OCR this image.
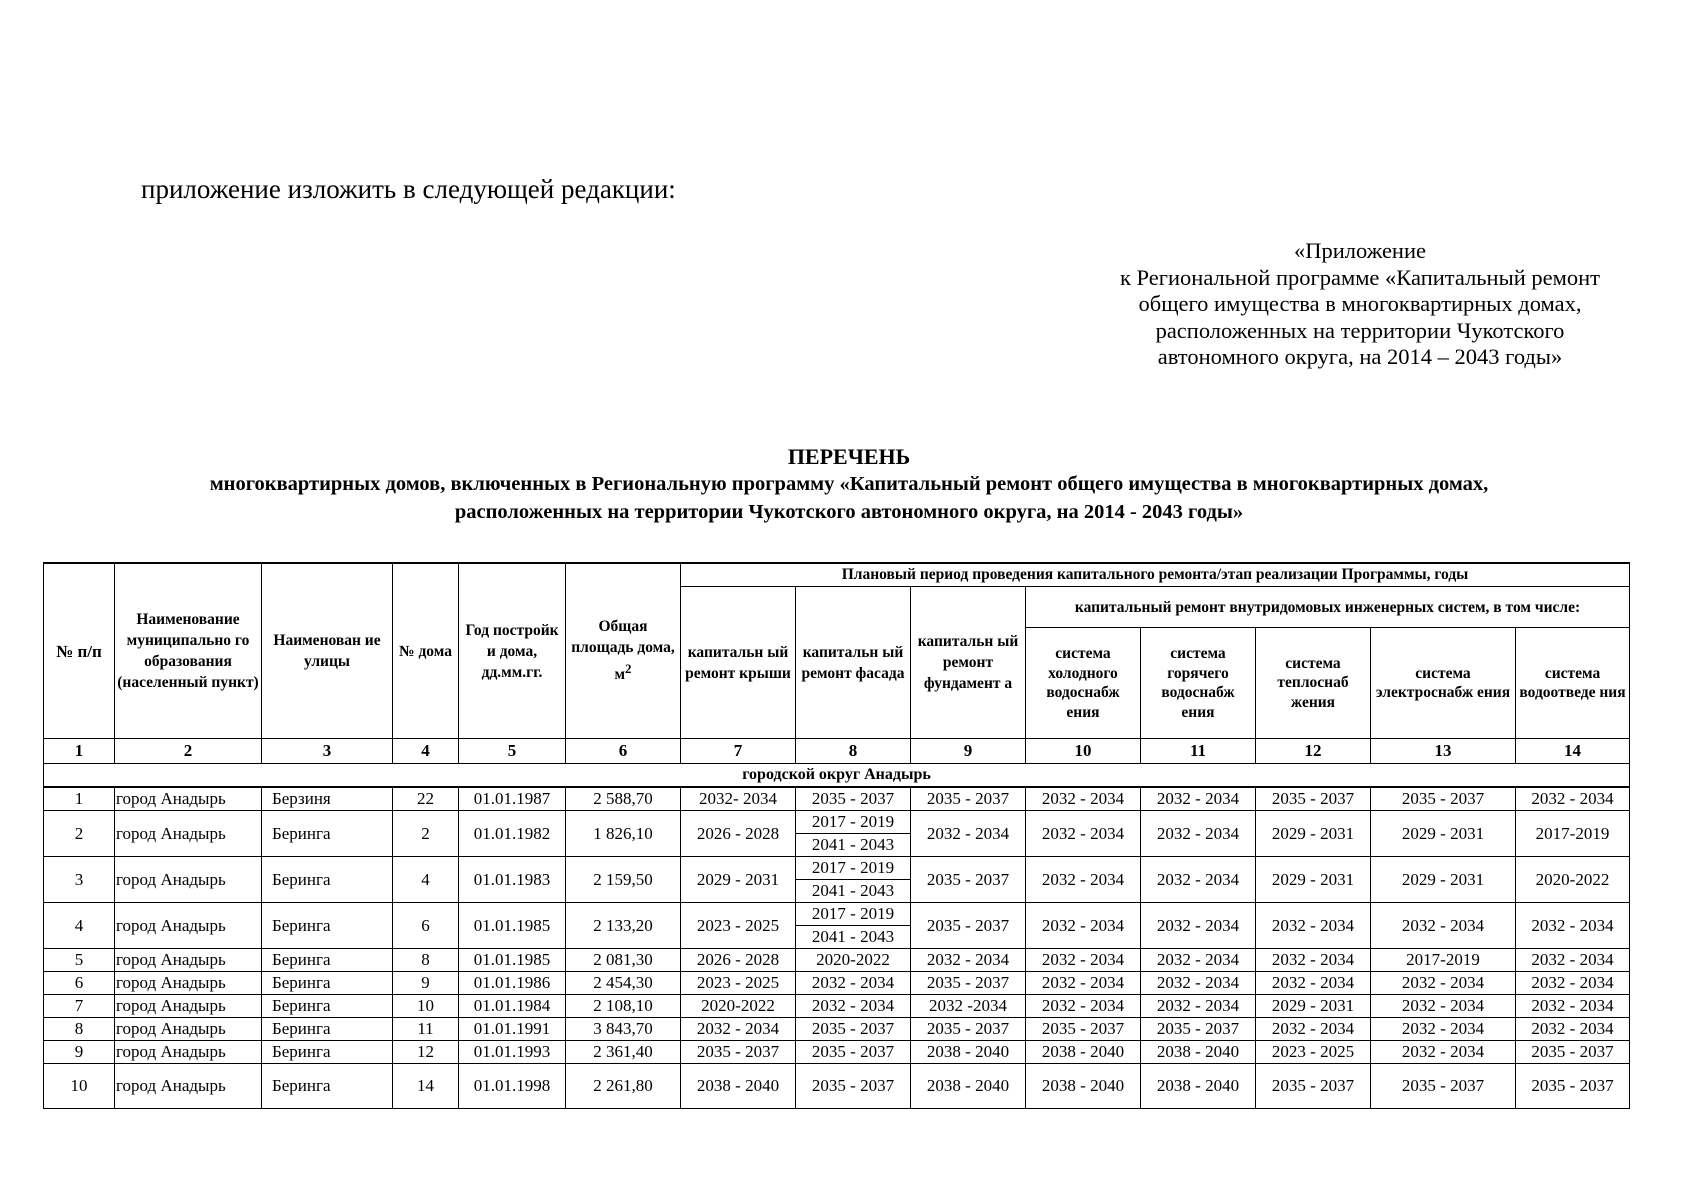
приложение изложить в следующей редакции:
«Приложение
к Региональной программе «Капитальный ремонт
общего имущества в многоквартирных домах,
расположенных на территории Чукотского
автономного округа, на 2014 – 2043 годы»
ПЕРЕЧЕНЬ
многоквартирных домов, включенных в Региональную программу «Капитальный ремонт общего имущества в многоквартирных домах,
расположенных на территории Чукотского автономного округа, на 2014 - 2043 годы»
№ п/п	Наименование муниципально го образования (населенный пункт)	Наименован ие улицы	№ дома	Год постройк и дома, дд.мм.гг.	Общая площадь дома, $м^2$	Плановый период проведения капитального ремонта/этап реализации Программы, годы							
						капитальн ый ремонт крыши	капитальн ый ремонт фасада	капитальн ый ремонт фундамент а	капитальный ремонт внутридомовых инженерных систем, в том числе:				
									система холодного водоснабж ения	система горячего водоснабж ения	система теплоснаб жения	система электроснабж ения	система водоотведе ния
1	2	3	4	5	6	7	8	9	10	11	12	13	14
городской округ Анадырь													
1	город Анадырь	Берзиня	22	01.01.1987	2 588,70	2032- 2034	2035 - 2037	2035 - 2037	2032 - 2034	2032 - 2034	2035 - 2037	2035 - 2037	2032 - 2034
2	город Анадырь	Беринга	2	01.01.1982	1 826,10	2026 - 2028	2017 - 2019	2032 - 2034	2032 - 2034	2032 - 2034	2029 - 2031	2029 - 2031	2017-2019
							2041 - 2043						
3	город Анадырь	Беринга	4	01.01.1983	2 159,50	2029 - 2031	2017 - 2019	2035 - 2037	2032 - 2034	2032 - 2034	2029 - 2031	2029 - 2031	2020-2022
							2041 - 2043						
4	город Анадырь	Беринга	6	01.01.1985	2 133,20	2023 - 2025	2017 - 2019	2035 - 2037	2032 - 2034	2032 - 2034	2032 - 2034	2032 - 2034	2032 - 2034
							2041 - 2043						
5	город Анадырь	Беринга	8	01.01.1985	2 081,30	2026 - 2028	2020-2022	2032 - 2034	2032 - 2034	2032 - 2034	2032 - 2034	2017-2019	2032 - 2034
6	город Анадырь	Беринга	9	01.01.1986	2 454,30	2023 - 2025	2032 - 2034	2035 - 2037	2032 - 2034	2032 - 2034	2032 - 2034	2032 - 2034	2032 - 2034
7	город Анадырь	Беринга	10	01.01.1984	2 108,10	2020-2022	2032 - 2034	2032 -2034	2032 - 2034	2032 - 2034	2029 - 2031	2032 - 2034	2032 - 2034
8	город Анадырь	Беринга	11	01.01.1991	3 843,70	2032 - 2034	2035 - 2037	2035 - 2037	2035 - 2037	2035 - 2037	2032 - 2034	2032 - 2034	2032 - 2034
9	город Анадырь	Беринга	12	01.01.1993	2 361,40	2035 - 2037	2035 - 2037	2038 - 2040	2038 - 2040	2038 - 2040	2023 - 2025	2032 - 2034	2035 - 2037
10	город Анадырь	Беринга	14	01.01.1998	2 261,80	2038 - 2040	2035 - 2037	2038 - 2040	2038 - 2040	2038 - 2040	2035 - 2037	2035 - 2037	2035 - 2037
